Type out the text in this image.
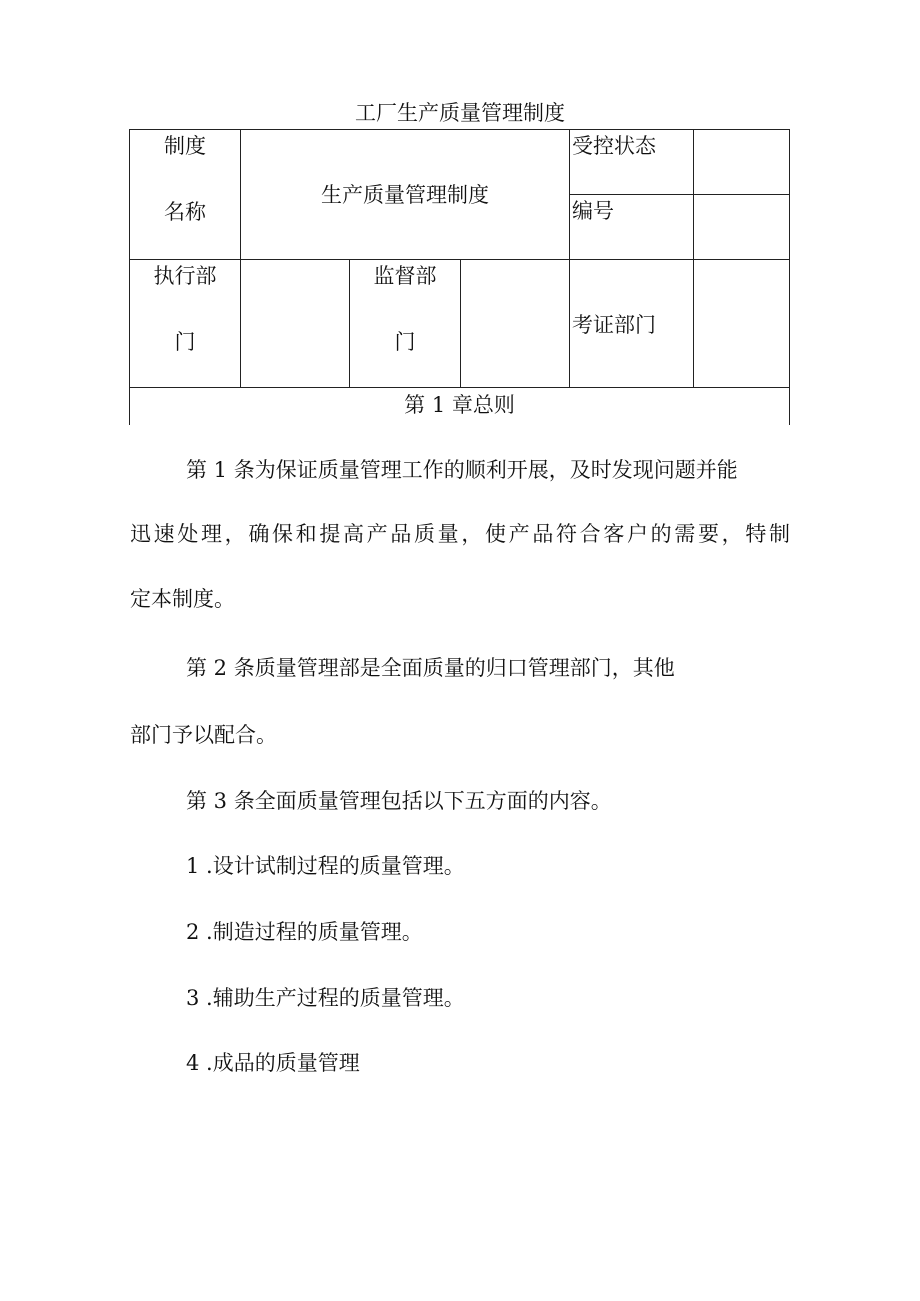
工厂生产质量管理制度
制度
名称
生产质量管理制度
受控状态
编号
执行部
门
监督部
门
考证部门
第 1 章总则
第 1 条为保证质量管理工作的顺利开展，及时发现问题并能
迅速处理，确保和提高产品质量，使产品符合客户的需要，特制
定本制度。
第 2 条质量管理部是全面质量的归口管理部门，其他
部门予以配合。
第 3 条全面质量管理包括以下五方面的内容。
1 .设计试制过程的质量管理。
2 .制造过程的质量管理。
3 .辅助生产过程的质量管理。
4 .成品的质量管理
